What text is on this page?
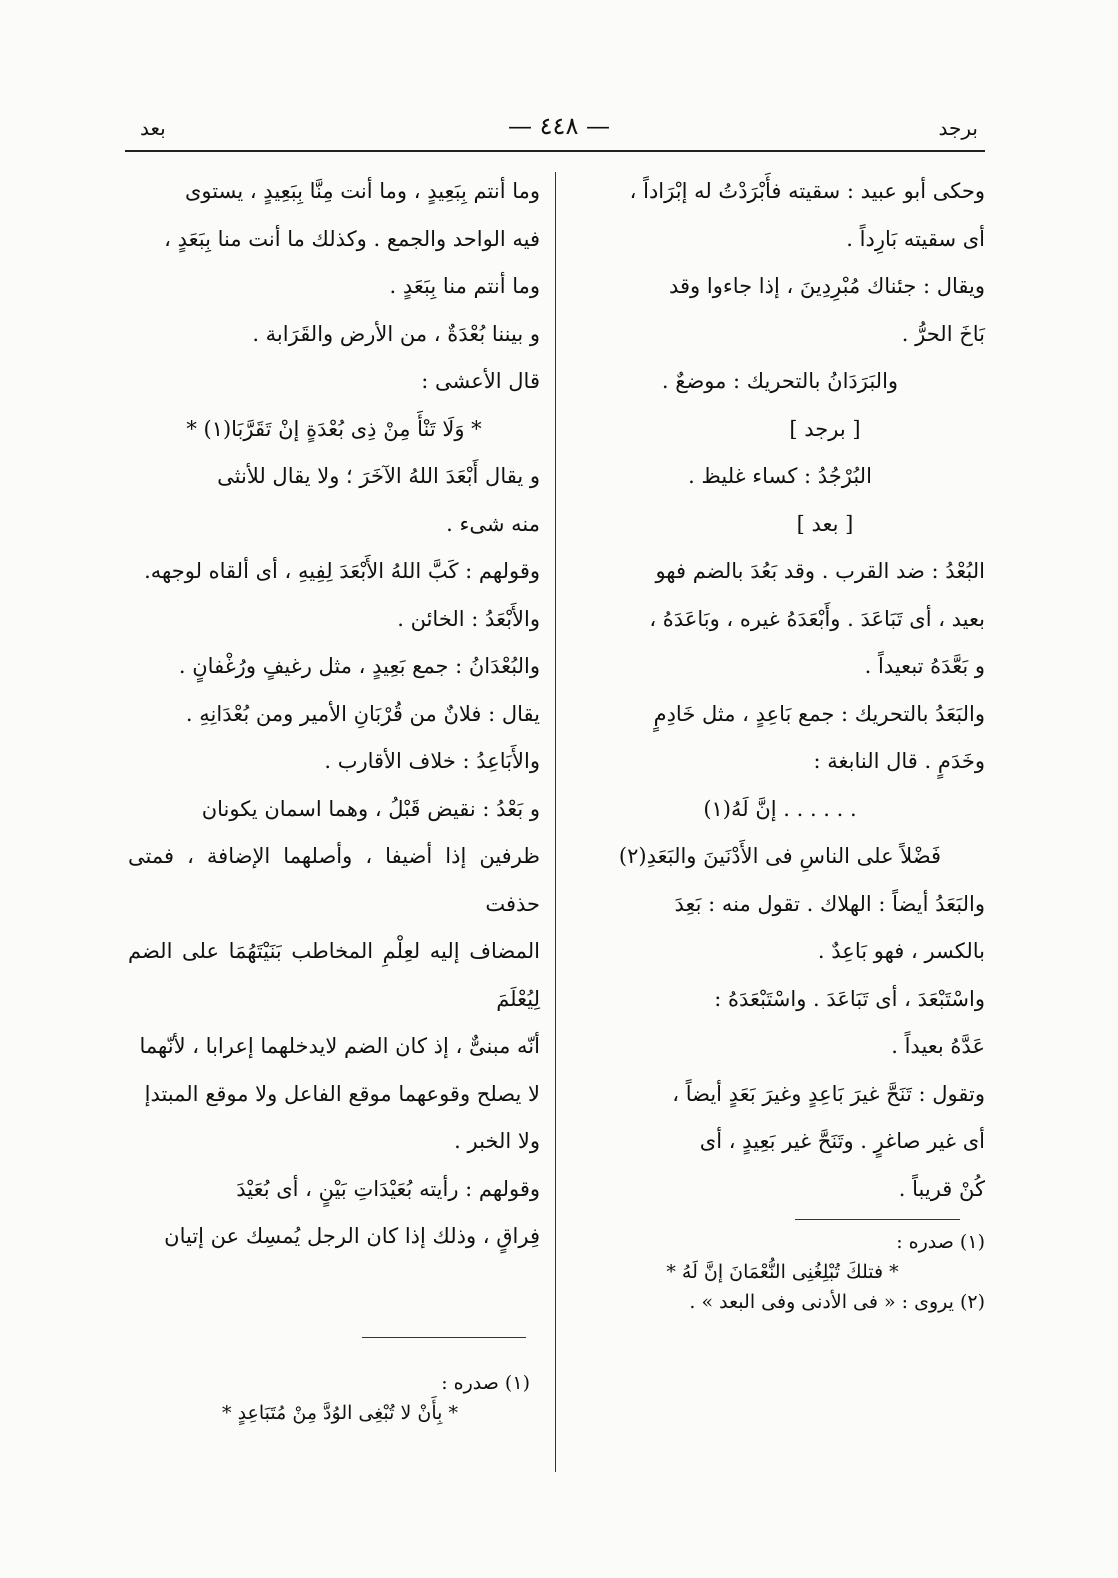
برجد
— ٤٤٨ —
بعد

وحكى أبو عبيد : سقيته فأَبْرَدْتُ له إبْرَاداً ،

أى سقيته بَارِداً .

ويقال : جئناك مُبْرِدِينَ ، إذا جاءوا وقد

بَاخَ الحرُّ .

والبَرَدَانُ بالتحريك : موضعٌ .

[ برجد ]

البُرْجُدُ : كساء غليظ .

[ بعد ]

البُعْدُ : ضد القرب . وقد بَعُدَ بالضم فهو

بعيد ، أى تَبَاعَدَ . وأَبْعَدَهُ غيره ، وبَاعَدَهُ ،

و بَعَّدَهُ تبعيداً .

والبَعَدُ بالتحريك : جمع بَاعِدٍ ، مثل خَادِمٍ

وخَدَمٍ . قال النابغة :

. . . . . . إنَّ لَهُ(١)

فَضْلاً على الناسِ فى الأَدْنَينَ والبَعَدِ(٢)

والبَعَدُ أيضاً : الهلاك . تقول منه : بَعِدَ

بالكسر ، فهو بَاعِدٌ .

واسْتَبْعَدَ ، أى تَبَاعَدَ . واسْتَبْعَدَهُ :

عَدَّهُ بعيداً .

وتقول : تَنَحَّ غيرَ بَاعِدٍ وغيرَ بَعَدٍ أيضاً ،

أى غير صاغرٍ . وتَنَحَّ غير بَعِيدٍ ، أى

كُنْ قريباً .

وما أنتم بِبَعِيدٍ ، وما أنت مِنَّا بِبَعِيدٍ ، يستوى

فيه الواحد والجمع . وكذلك ما أنت منا بِبَعَدٍ ،

وما أنتم منا بِبَعَدٍ .

و بيننا بُعْدَةٌ ، من الأرض والقَرَابة .

قال الأعشى :

* وَلَا تَنْأَ مِنْ ذِى بُعْدَةٍ إنْ تَقَرَّبَا(١) *

و يقال أَبْعَدَ اللهُ الآخَرَ ؛ ولا يقال للأنثى

منه شىء .

وقولهم : كَبَّ اللهُ الأَبْعَدَ لِفِيهِ ، أى ألقاه لوجهه.

والأَبْعَدُ : الخائن .

والبُعْدَانُ : جمع بَعِيدٍ ، مثل رغيفٍ ورُغْفانٍ .

يقال : فلانٌ من قُرْبَانِ الأمير ومن بُعْدَانِهِ .

والأَبَاعِدُ : خلاف الأقارب .

و بَعْدُ : نقيض قَبْلُ ، وهما اسمان يكونان

ظرفين إذا أضيفا ، وأصلهما الإضافة ، فمتى حذفت

المضاف إليه لعِلْمِ المخاطب بَنَيْتَهُمَا على الضم لِيُعْلَمَ

أنّه مبنىٌّ ، إذ كان الضم لايدخلهما إعرابا ، لأنّهما

لا يصلح وقوعهما موقع الفاعل ولا موقع المبتدإ

ولا الخبر .

وقولهم : رأيته بُعَيْدَاتِ بَيْنٍ ، أى بُعَيْدَ

فِراقٍ ، وذلك إذا كان الرجل يُمسِك عن إتيان	(١) صدره :

* فتلكَ تُبْلِغُنِى النُّعْمَانَ إنَّ لَهُ *

(٢) يروى : « فى الأدنى وفى البعد » .

(١) صدره :

* بِأَنْ لا تُبْغِى الوُدَّ مِنْ مُتَبَاعِدٍ *
